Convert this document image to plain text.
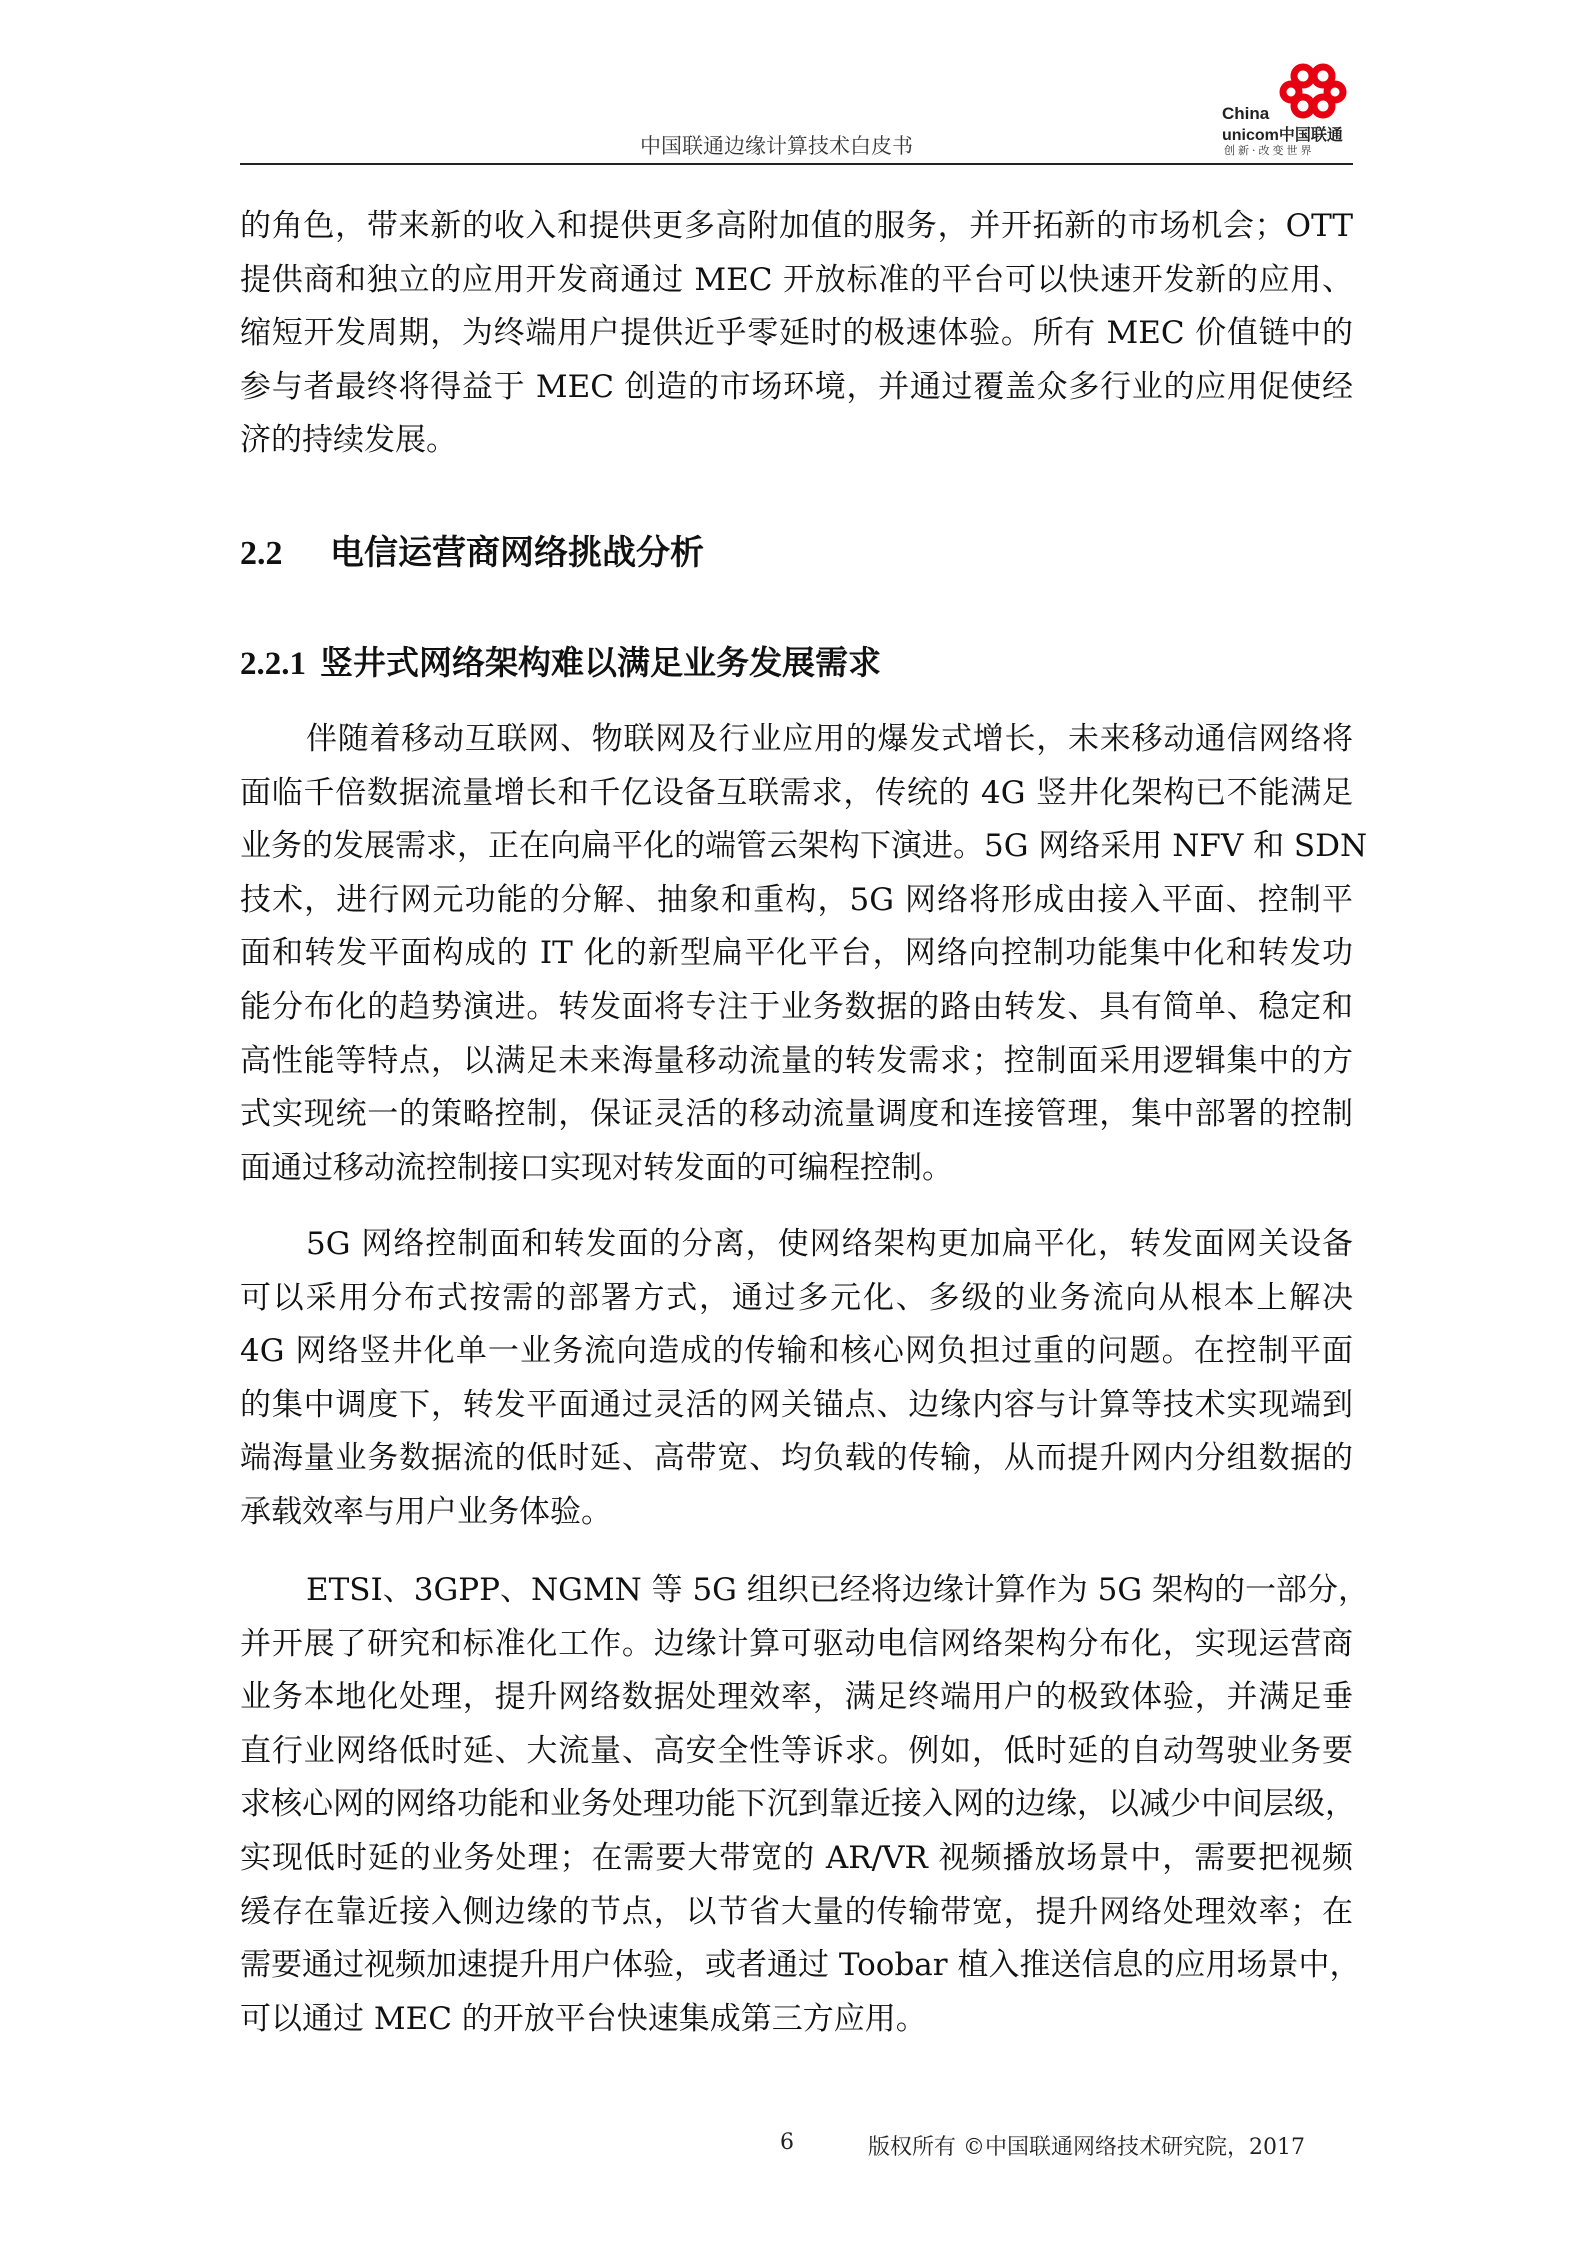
中国联通边缘计算技术白皮书
China
unicom中国联通
创新·改变世界
的角色，带来新的收入和提供更多高附加值的服务，并开拓新的市场机会；OTT
提供商和独立的应用开发商通过 MEC 开放标准的平台可以快速开发新的应用、
缩短开发周期，为终端用户提供近乎零延时的极速体验。所有 MEC 价值链中的
参与者最终将得益于 MEC 创造的市场环境，并通过覆盖众多行业的应用促使经
济的持续发展。
伴随着移动互联网、物联网及行业应用的爆发式增长，未来移动通信网络将
面临千倍数据流量增长和千亿设备互联需求，传统的 4G 竖井化架构已不能满足
业务的发展需求，正在向扁平化的端管云架构下演进。5G 网络采用 NFV 和 SDN
技术，进行网元功能的分解、抽象和重构，5G 网络将形成由接入平面、控制平
面和转发平面构成的 IT 化的新型扁平化平台，网络向控制功能集中化和转发功
能分布化的趋势演进。转发面将专注于业务数据的路由转发、具有简单、稳定和
高性能等特点，以满足未来海量移动流量的转发需求；控制面采用逻辑集中的方
式实现统一的策略控制，保证灵活的移动流量调度和连接管理，集中部署的控制
面通过移动流控制接口实现对转发面的可编程控制。
5G 网络控制面和转发面的分离，使网络架构更加扁平化，转发面网关设备
可以采用分布式按需的部署方式，通过多元化、多级的业务流向从根本上解决
4G 网络竖井化单一业务流向造成的传输和核心网负担过重的问题。在控制平面
的集中调度下，转发平面通过灵活的网关锚点、边缘内容与计算等技术实现端到
端海量业务数据流的低时延、高带宽、均负载的传输，从而提升网内分组数据的
承载效率与用户业务体验。
ETSI、3GPP、NGMN 等 5G 组织已经将边缘计算作为 5G 架构的一部分，
并开展了研究和标准化工作。边缘计算可驱动电信网络架构分布化，实现运营商
业务本地化处理，提升网络数据处理效率，满足终端用户的极致体验，并满足垂
直行业网络低时延、大流量、高安全性等诉求。例如，低时延的自动驾驶业务要
求核心网的网络功能和业务处理功能下沉到靠近接入网的边缘，以减少中间层级，
实现低时延的业务处理；在需要大带宽的 AR/VR 视频播放场景中，需要把视频
缓存在靠近接入侧边缘的节点，以节省大量的传输带宽，提升网络处理效率；在
需要通过视频加速提升用户体验，或者通过 Toobar 植入推送信息的应用场景中，
可以通过 MEC 的开放平台快速集成第三方应用。
2.2 电信运营商网络挑战分析
2.2.1 竖井式网络架构难以满足业务发展需求
6	版权所有 ©中国联通网络技术研究院，2017
